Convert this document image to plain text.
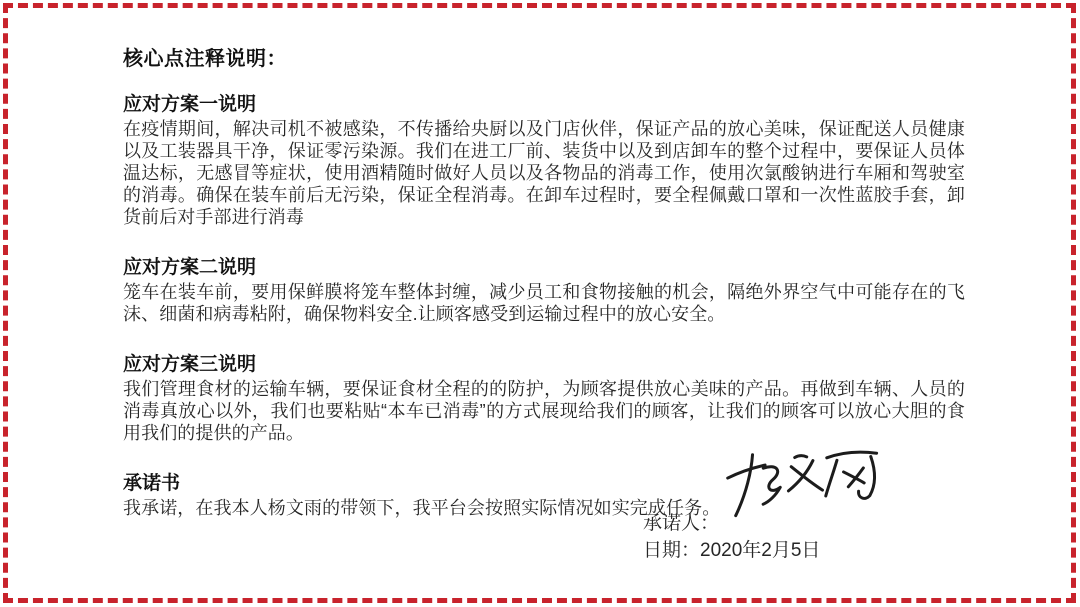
核心点注释说明：
应对方案一说明

在疫情期间，解决司机不被感染，不传播给央厨以及门店伙伴，保证产品的放心美味，保证配送人员健康以及工装器具干净，保证零污染源。我们在进工厂前、装货中以及到店卸车的整个过程中，要保证人员体温达标，无感冒等症状，使用酒精随时做好人员以及各物品的消毒工作，使用次氯酸钠进行车厢和驾驶室的消毒。确保在装车前后无污染，保证全程消毒。在卸车过程时，要全程佩戴口罩和一次性蓝胶手套，卸货前后对手部进行消毒

应对方案二说明

笼车在装车前，要用保鲜膜将笼车整体封缠，减少员工和食物接触的机会，隔绝外界空气中可能存在的飞沫、细菌和病毒粘附，确保物料安全.让顾客感受到运输过程中的放心安全。

应对方案三说明

我们管理食材的运输车辆，要保证食材全程的的防护，为顾客提供放心美味的产品。再做到车辆、人员的消毒真放心以外，我们也要粘贴“本车已消毒”的方式展现给我们的顾客，让我们的顾客可以放心大胆的食用我们的提供的产品。

承诺书

我承诺，在我本人杨文雨的带领下，我平台会按照实际情况如实完成任务。

承诺人：
日期：2020年2月5日
